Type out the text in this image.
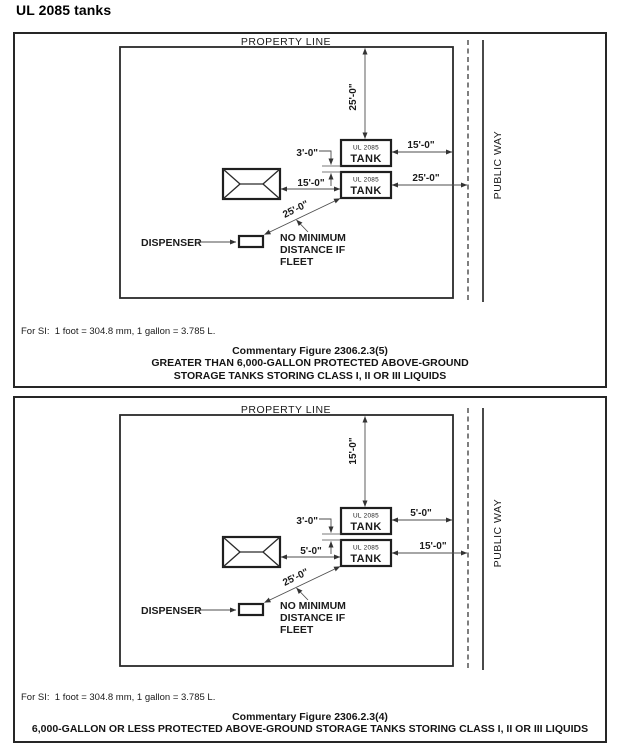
UL 2085 tanks
PROPERTY LINE
PUBLIC WAY
25'-0"
UL 2085
TANK
UL 2085
TANK
3'-0"
15'-0"
15'-0"
25'-0"
25'-0"
NO MINIMUM
DISTANCE IF
FLEET
DISPENSER
For SI:  1 foot = 304.8 mm, 1 gallon = 3.785 L.
Commentary Figure 2306.2.3(5)
GREATER THAN 6,000-GALLON PROTECTED ABOVE-GROUND
STORAGE TANKS STORING CLASS I, II OR III LIQUIDS
PROPERTY LINE
PUBLIC WAY
15'-0"
UL 2085
TANK
UL 2085
TANK
3'-0"
5'-0"
5'-0"
15'-0"
25'-0"
NO MINIMUM
DISTANCE IF
FLEET
DISPENSER
For SI:  1 foot = 304.8 mm, 1 gallon = 3.785 L.
Commentary Figure 2306.2.3(4)
6,000-GALLON OR LESS PROTECTED ABOVE-GROUND STORAGE TANKS STORING CLASS I, II OR III LIQUIDS
